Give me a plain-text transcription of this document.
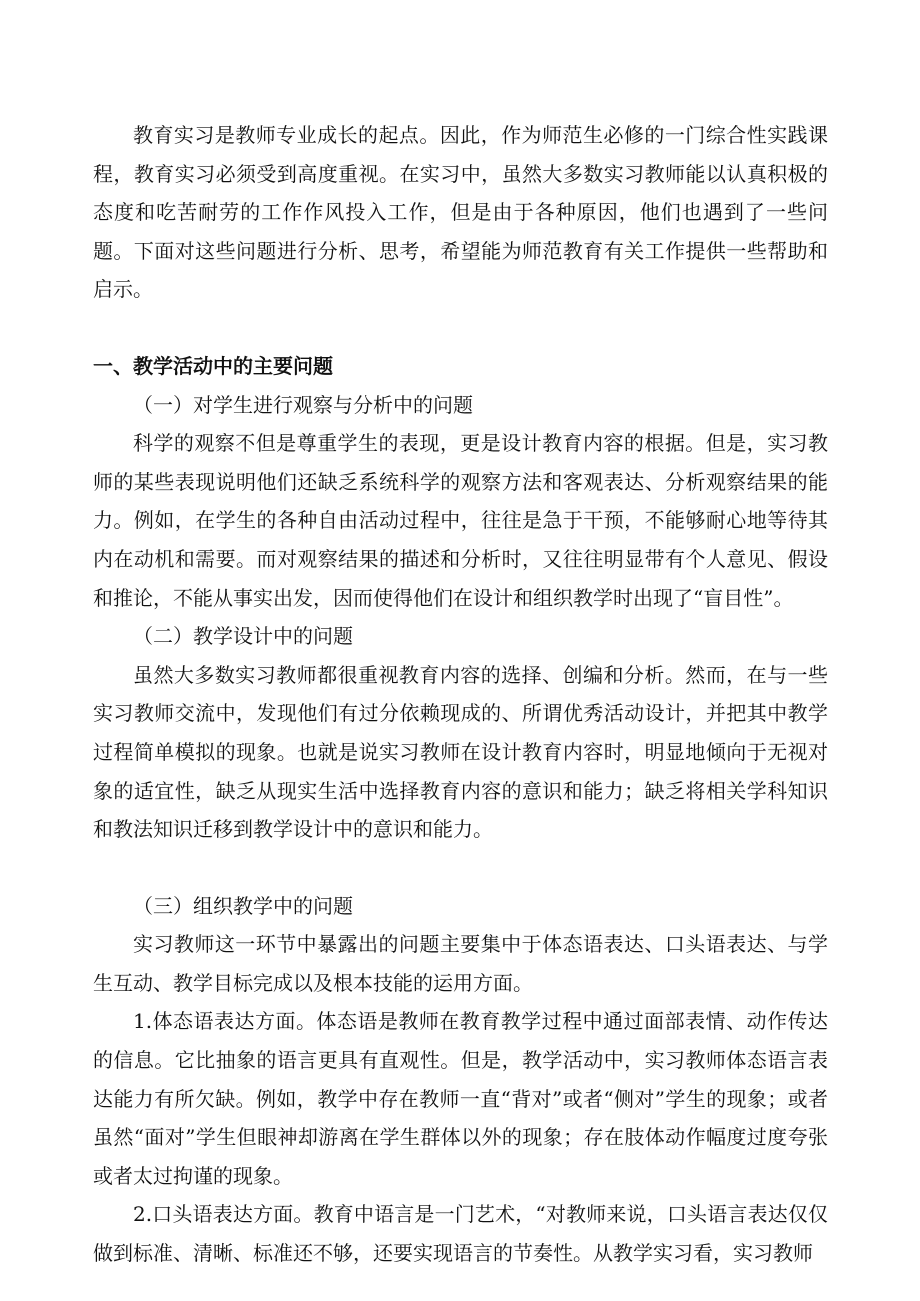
教育实习是教师专业成长的起点。因此，作为师范生必修的一门综合性实践课程，教育实习必须受到高度重视。在实习中，虽然大多数实习教师能以认真积极的态度和吃苦耐劳的工作作风投入工作，但是由于各种原因，他们也遇到了一些问题。下面对这些问题进行分析、思考，希望能为师范教育有关工作提供一些帮助和启示。

一、教学活动中的主要问题

（一）对学生进行观察与分析中的问题

科学的观察不但是尊重学生的表现，更是设计教育内容的根据。但是，实习教师的某些表现说明他们还缺乏系统科学的观察方法和客观表达、分析观察结果的能力。例如，在学生的各种自由活动过程中，往往是急于干预，不能够耐心地等待其内在动机和需要。而对观察结果的描述和分析时，又往往明显带有个人意见、假设和推论，不能从事实出发，因而使得他们在设计和组织教学时出现了“盲目性”。

（二）教学设计中的问题

虽然大多数实习教师都很重视教育内容的选择、创编和分析。然而，在与一些实习教师交流中，发现他们有过分依赖现成的、所谓优秀活动设计，并把其中教学过程简单模拟的现象。也就是说实习教师在设计教育内容时，明显地倾向于无视对象的适宜性，缺乏从现实生活中选择教育内容的意识和能力；缺乏将相关学科知识和教法知识迁移到教学设计中的意识和能力。

（三）组织教学中的问题

实习教师这一环节中暴露出的问题主要集中于体态语表达、口头语表达、与学生互动、教学目标完成以及根本技能的运用方面。

1.体态语表达方面。体态语是教师在教育教学过程中通过面部表情、动作传达的信息。它比抽象的语言更具有直观性。但是，教学活动中，实习教师体态语言表达能力有所欠缺。例如，教学中存在教师一直“背对”或者“侧对”学生的现象；或者虽然“面对”学生但眼神却游离在学生群体以外的现象；存在肢体动作幅度过度夸张或者太过拘谨的现象。

2.口头语表达方面。教育中语言是一门艺术，“对教师来说，口头语言表达仅仅做到标准、清晰、标准还不够，还要实现语言的节奏性。从教学实习看，实习教师
